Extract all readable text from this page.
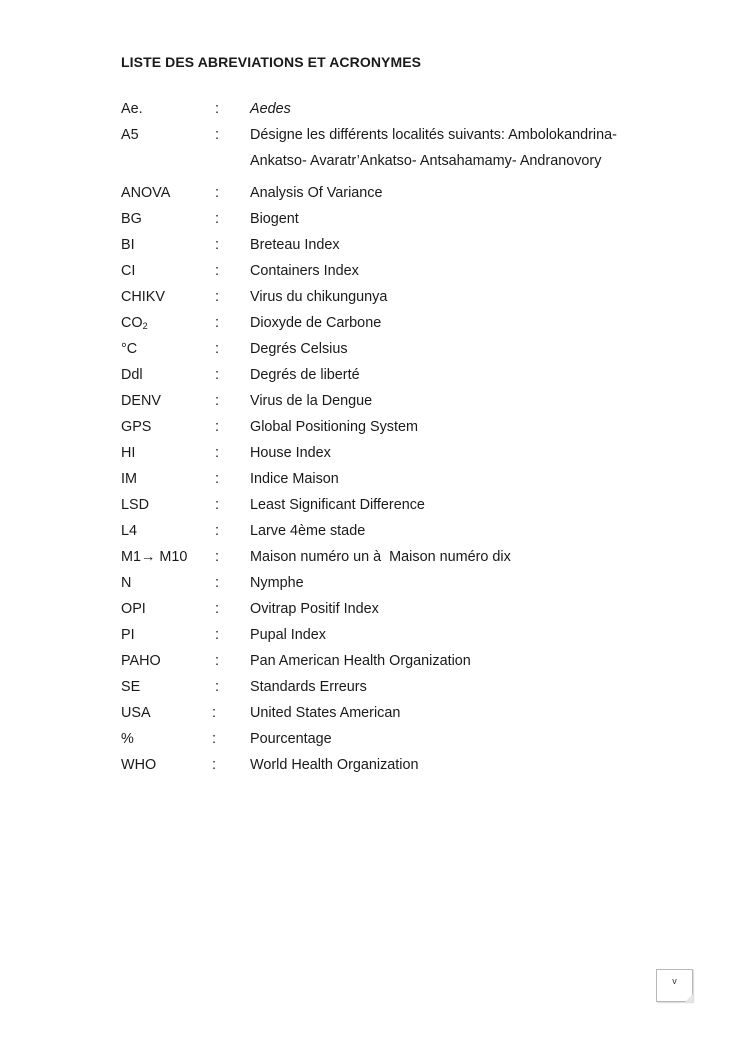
LISTE DES ABREVIATIONS ET ACRONYMES
Ae.	: Aedes
A5	: Désigne les différents localités suivants: Ambolokandrina-
Ankatso- Avaratr’Ankatso- Antsahamamy- Andranovory
ANOVA	: Analysis Of Variance
BG	: Biogent
BI	: Breteau Index
CI	: Containers Index
CHIKV	: Virus du chikungunya
$CO_2$	: Dioxyde de Carbone
°C	: Degrés Celsius
Ddl	: Degrés de liberté
DENV	: Virus de la Dengue
GPS	: Global Positioning System
HI	: House Index
IM	: Indice Maison
LSD	: Least Significant Difference
L4	: Larve 4ème stade
M1→ M10 : Maison numéro un à  Maison numéro dix
N	: Nymphe
OPI	: Ovitrap Positif Index
PI	: Pupal Index
PAHO	: Pan American Health Organization
SE	: Standards Erreurs
USA	: United States American
%	: Pourcentage
WHO	: World Health Organization
v
